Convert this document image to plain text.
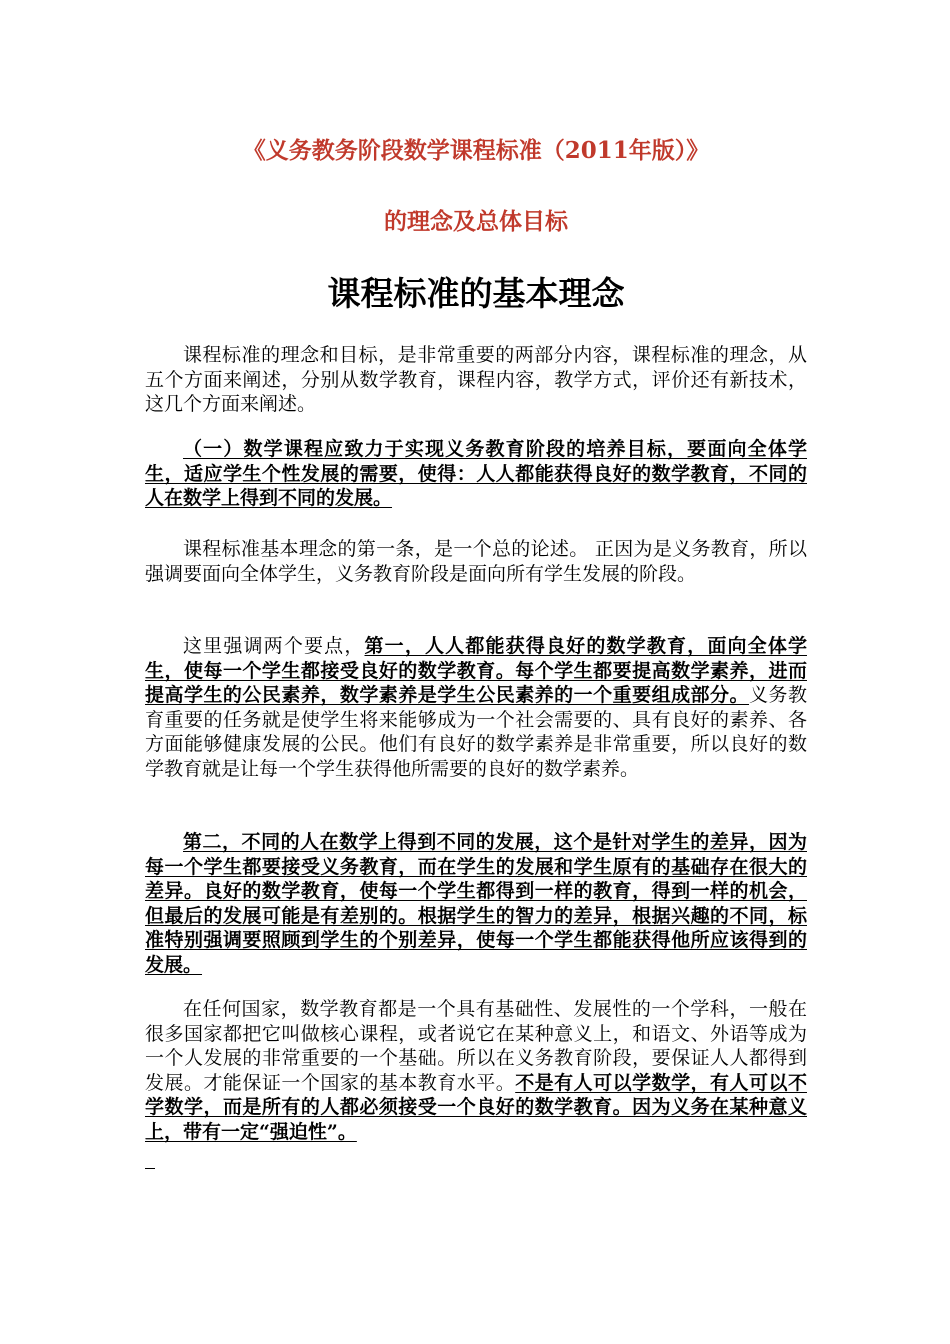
《义务教务阶段数学课程标准（2011年版）》
的理念及总体目标
课程标准的基本理念

课程标准的理念和目标，是非常重要的两部分内容，课程标准的理念，从五个方面来阐述，分别从数学教育，课程内容，教学方式，评价还有新技术，这几个方面来阐述。

（一）数学课程应致力于实现义务教育阶段的培养目标，要面向全体学生，适应学生个性发展的需要，使得：人人都能获得良好的数学教育，不同的人在数学上得到不同的发展。

课程标准基本理念的第一条，是一个总的论述。 正因为是义务教育，所以强调要面向全体学生，义务教育阶段是面向所有学生发展的阶段。

这里强调两个要点，第一，人人都能获得良好的数学教育，面向全体学生，使每一个学生都接受良好的数学教育。每个学生都要提高数学素养，进而提高学生的公民素养，数学素养是学生公民素养的一个重要组成部分。义务教育重要的任务就是使学生将来能够成为一个社会需要的、具有良好的素养、各方面能够健康发展的公民。他们有良好的数学素养是非常重要，所以良好的数学教育就是让每一个学生获得他所需要的良好的数学素养。

第二，不同的人在数学上得到不同的发展，这个是针对学生的差异，因为每一个学生都要接受义务教育，而在学生的发展和学生原有的基础存在很大的差异。良好的数学教育，使每一个学生都得到一样的教育，得到一样的机会，但最后的发展可能是有差别的。根据学生的智力的差异，根据兴趣的不同，标准特别强调要照顾到学生的个别差异，使每一个学生都能获得他所应该得到的发展。

在任何国家，数学教育都是一个具有基础性、发展性的一个学科，一般在很多国家都把它叫做核心课程，或者说它在某种意义上，和语文、外语等成为一个人发展的非常重要的一个基础。所以在义务教育阶段，要保证人人都得到发展。才能保证一个国家的基本教育水平。不是有人可以学数学，有人可以不学数学，而是所有的人都必须接受一个良好的数学教育。因为义务在某种意义上，带有一定“强迫性”。
